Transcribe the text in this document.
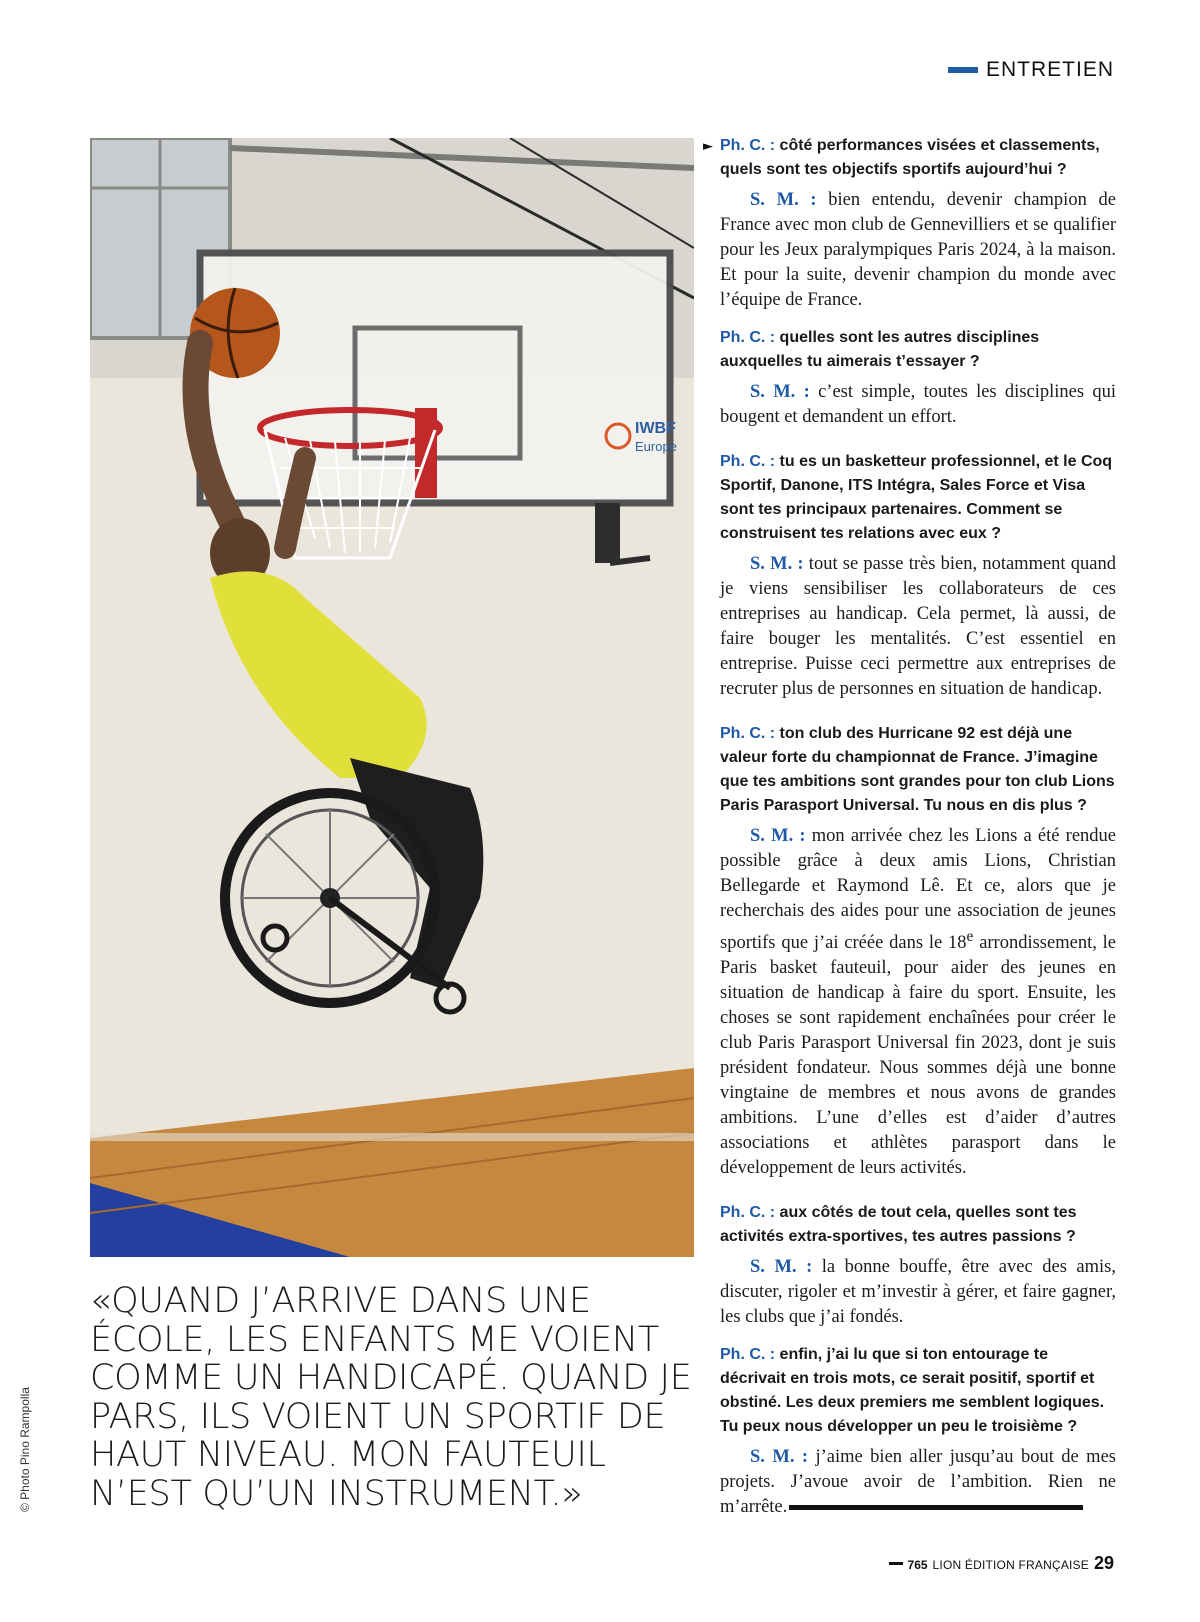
ENTRETIEN
IWBF
Europe
© Photo Pino Rampolla

«QUAND J’ARRIVE DANS UNE ÉCOLE, LES ENFANTS ME VOIENT COMME UN HANDICAPÉ. QUAND JE PARS, ILS VOIENT UN SPORTIF DE HAUT NIVEAU. MON FAUTEUIL N’EST QU’UN INSTRUMENT.»

► Ph. C. : côté performances visées et classements, quels sont tes objectifs sportifs aujourd’hui ?

S. M. : bien entendu, devenir champion de France avec mon club de Gennevilliers et se qualifier pour les Jeux paralympiques Paris 2024, à la maison. Et pour la suite, devenir champion du monde avec l’équipe de France.

Ph. C. : quelles sont les autres disciplines auxquelles tu aimerais t’essayer ?

S. M. : c’est simple, toutes les disciplines qui bougent et demandent un effort.

Ph. C. : tu es un basketteur professionnel, et le Coq Sportif, Danone, ITS Intégra, Sales Force et Visa sont tes principaux partenaires. Comment se construisent tes relations avec eux ?

S. M. : tout se passe très bien, notamment quand je viens sensibiliser les collaborateurs de ces entreprises au handicap. Cela permet, là aussi, de faire bouger les mentalités. C’est essentiel en entreprise. Puisse ceci permettre aux entreprises de recruter plus de personnes en situation de handicap.

Ph. C. : ton club des Hurricane 92 est déjà une valeur forte du championnat de France. J’imagine que tes ambitions sont grandes pour ton club Lions Paris Parasport Universal. Tu nous en dis plus ?

S. M. : mon arrivée chez les Lions a été rendue possible grâce à deux amis Lions, Christian Bellegarde et Raymond Lê. Et ce, alors que je recherchais des aides pour une association de jeunes sportifs que j’ai créée dans le 18e arrondissement, le Paris basket fauteuil, pour aider des jeunes en situation de handicap à faire du sport. Ensuite, les choses se sont rapidement enchaînées pour créer le club Paris Parasport Universal fin 2023, dont je suis président fondateur. Nous sommes déjà une bonne vingtaine de membres et nous avons de grandes ambitions. L’une d’elles est d’aider d’autres associations et athlètes parasport dans le développement de leurs activités.

Ph. C. : aux côtés de tout cela, quelles sont tes activités extra-sportives, tes autres passions ?

S. M. : la bonne bouffe, être avec des amis, discuter, rigoler et m’investir à gérer, et faire gagner, les clubs que j’ai fondés.

Ph. C. : enfin, j’ai lu que si ton entourage te décrivait en trois mots, ce serait positif, sportif et obstiné. Les deux premiers me semblent logiques. Tu peux nous développer un peu le troisième ?

S. M. : j’aime bien aller jusqu’au bout de mes projets. J’avoue avoir de l’ambition. Rien ne m’arrête.

765 LION ÉDITION FRANÇAISE 29
